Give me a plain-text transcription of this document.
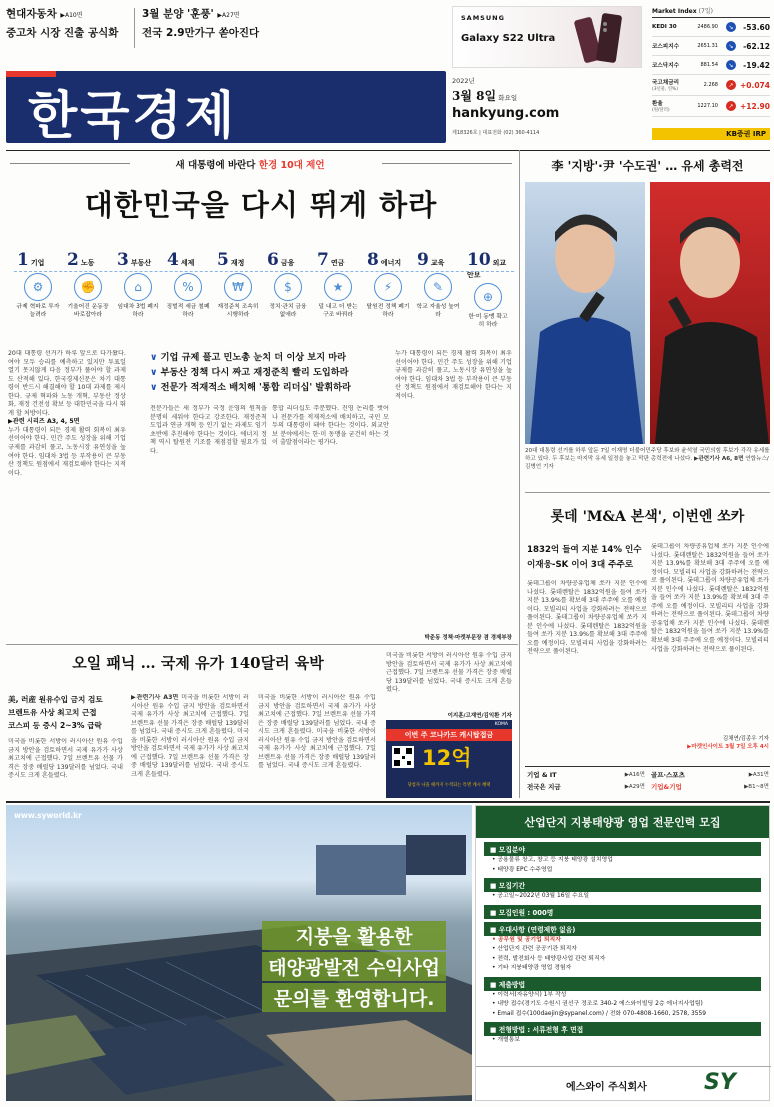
현대자동차 ▶A10면
중고차 시장 진출 공식화
3월 분양 '훈풍' ▶A27면
전국 2.9만가구 쏟아진다
한국경제
2022년
3월 8일 화요일
hankyung.com
제18326호 | 대표전화 (02) 360-4114
SAMSUNG
Galaxy S22 Ultra
Market Index (7일)
KEDI 30	2486.90	↘	-53.60
코스피지수	2651.31	↘	-62.12
코스닥지수	881.54	↘	-19.42
국고채금리
(3년물, 연%)
2.268	↗ +0.074
환율
(원/달러)
1227.10	↗ +12.90
KB증권 IRP
새 대통령에 바란다 한경 10대 제언
대한민국을 다시 뛰게 하라
1 기업
⚙
규제 혁파로 투자 늘려라
2 노동
✊
기울어진 운동장 바로잡아라
3 부동산
⌂
임대차 3법 폐지하라
4 세제
%
징벌적 세금 철폐하라
5 재정
₩
재정준칙 조속히 시행하라
6 금융
$
정치·관치 금융 없애라
7 연금
★
덜 내고 더 받는 구조 바꿔라
8 에너지
⚡
탈원전 정책 폐기하라
9 교육
✎
학교 자율성 높여라
10 외교안보
⊕
한·미 동맹 확고히 하라
∨ 기업 규제 풀고 민노총 눈치 더 이상 보지 마라
∨ 부동산 정책 다시 짜고 재정준칙 빨리 도입하라
∨ 전문가 적재적소 배치해 '통합 리더십' 발휘하라
20대 대통령 선거가 하루 앞으로 다가왔다. 여야 모두 승리를 예측하고 있지만 투표일 열기 못지않게 다음 정부가 풀어야 할 과제도 산적해 있다. 한국경제신문은 차기 대통령이 반드시 해결해야 할 10대 과제를 제시한다. 규제 혁파와 노동 개혁, 부동산 정상화, 재정 건전성 확보 등 대한민국을 다시 뛰게 할 처방이다.
▶관련 시리즈 A3, 4, 5면
누가 대통령이 되든 경제 활력 회복이 최우선이어야 한다. 민간 주도 성장을 위해 기업 규제를 과감히 풀고, 노동시장 유연성을 높여야 한다. 임대차 3법 등 부작용이 큰 부동산 정책도 원점에서 재검토해야 한다는 지적이다.
전문가들은 새 정부가 국정 운영의 원칙을 분명히 세워야 한다고 강조한다. 재정준칙 도입과 연금 개혁 등 인기 없는 과제도 임기 초반에 추진해야 한다는 것이다. 에너지 정책 역시 탈원전 기조를 재점검할 필요가 있다.
통합 리더십도 주문했다. 진영 논리를 벗어나 전문가를 적재적소에 배치하고, 국민 모두의 대통령이 돼야 한다는 것이다. 외교안보 분야에서는 한·미 동맹을 굳건히 하는 것이 출발점이라는 평가다.
누가 대통령이 되든 경제 활력 회복이 최우선이어야 한다. 민간 주도 성장을 위해 기업 규제를 과감히 풀고, 노동시장 유연성을 높여야 한다. 임대차 3법 등 부작용이 큰 부동산 정책도 원점에서 재검토해야 한다는 지적이다.
박준동 정책·마켓부문장 겸 경제부장
李 '지방'·尹 '수도권' … 유세 총력전
20대 대통령 선거를 하루 앞둔 7일 이재명 더불어민주당 후보와 윤석열 국민의힘 후보가 각각 유세를 하고 있다. 두 후보는 마지막 유세 일정을 놓고 막판 총력전에 나섰다. ▶관련기사 A6, 8면 연합뉴스/김병언 기자
롯데 'M&A 본색', 이번엔 쏘카
1832억 들여 지분 14% 인수
이재웅-SK 이어 3대 주주로
롯데그룹이 차량공유업체 쏘카 지분 인수에 나섰다. 롯데렌탈은 1832억원을 들여 쏘카 지분 13.9%를 확보해 3대 주주에 오를 예정이다. 모빌리티 사업을 강화하려는 전략으로 풀이된다. 롯데그룹이 차량공유업체 쏘카 지분 인수에 나섰다. 롯데렌탈은 1832억원을 들여 쏘카 지분 13.9%를 확보해 3대 주주에 오를 예정이다. 모빌리티 사업을 강화하려는 전략으로 풀이된다.
롯데그룹이 차량공유업체 쏘카 지분 인수에 나섰다. 롯데렌탈은 1832억원을 들여 쏘카 지분 13.9%를 확보해 3대 주주에 오를 예정이다. 모빌리티 사업을 강화하려는 전략으로 풀이된다. 롯데그룹이 차량공유업체 쏘카 지분 인수에 나섰다. 롯데렌탈은 1832억원을 들여 쏘카 지분 13.9%를 확보해 3대 주주에 오를 예정이다. 모빌리티 사업을 강화하려는 전략으로 풀이된다. 롯데그룹이 차량공유업체 쏘카 지분 인수에 나섰다. 롯데렌탈은 1832억원을 들여 쏘카 지분 13.9%를 확보해 3대 주주에 오를 예정이다. 모빌리티 사업을 강화하려는 전략으로 풀이된다.
김채연/김종우 기자
▶마켓인사이트 3월 7일 오후 4시
기업 & IT	▶A16면 골프·스포츠	▶A31면
전국은 지금	▶A29면 기업&기업	▶B1~8면
오일 패닉 … 국제 유가 140달러 육박
美, 러産 원유수입 금지 검토
브렌트유 사상 최고치 근접
코스피 등 증시 2~3% 급락
미국을 비롯한 서방이 러시아산 원유 수입 금지 방안을 검토하면서 국제 유가가 사상 최고치에 근접했다. 7일 브렌트유 선물 가격은 장중 배럴당 139달러를 넘었다. 국내 증시도 크게 흔들렸다.
▶관련기사 A3면 미국을 비롯한 서방이 러시아산 원유 수입 금지 방안을 검토하면서 국제 유가가 사상 최고치에 근접했다. 7일 브렌트유 선물 가격은 장중 배럴당 139달러를 넘었다. 국내 증시도 크게 흔들렸다. 미국을 비롯한 서방이 러시아산 원유 수입 금지 방안을 검토하면서 국제 유가가 사상 최고치에 근접했다. 7일 브렌트유 선물 가격은 장중 배럴당 139달러를 넘었다. 국내 증시도 크게 흔들렸다.
미국을 비롯한 서방이 러시아산 원유 수입 금지 방안을 검토하면서 국제 유가가 사상 최고치에 근접했다. 7일 브렌트유 선물 가격은 장중 배럴당 139달러를 넘었다. 국내 증시도 크게 흔들렸다. 미국을 비롯한 서방이 러시아산 원유 수입 금지 방안을 검토하면서 국제 유가가 사상 최고치에 근접했다. 7일 브렌트유 선물 가격은 장중 배럴당 139달러를 넘었다. 국내 증시도 크게 흔들렸다.
미국을 비롯한 서방이 러시아산 원유 수입 금지 방안을 검토하면서 국제 유가가 사상 최고치에 근접했다. 7일 브렌트유 선물 가격은 장중 배럴당 139달러를 넘었다. 국내 증시도 크게 흔들렸다.
이지훈/고재연/김익환 기자
KOMA
이번 주 코나카드 캐시탑접금
12억
당첨자 나올 때까지 누적되는 특별 캐시 혜택
www.syworld.kr
지붕을 활용한
태양광발전 수익사업
문의를 환영합니다.
산업단지 지붕태양광 영업 전문인력 모집
■ 모집분야
• 공용물류 창고, 창고 등 지붕 태양광 설치영업
• 태양광 EPC 수주영업
■ 모집기간
• 공고일~2022년 03월 16일 수요일
■ 모집인원 : 000명
■ 우대사항 (연령제한 없음)
• 공무원 및 공기업 퇴직자
• 산업단지 관련 공공기관 퇴직자
• 전력, 발전회사 등 태양광사업 관련 퇴직자
• 기타 지붕태양광 영업 경험자
■ 제출방법
• 이력서(자유양식) 1부 작성
• 내방 접수(경기도 수원시 권선구 정조로 340-2 에스와이빌딩 2층 에너지사업팀)
• Email 접수(100daejin@sypanel.com) / 전화 070-4808-1660, 2578, 3559
■ 전형방법 : 서류전형 후 면접
• 개별통보
에스와이 주식회사	SY
